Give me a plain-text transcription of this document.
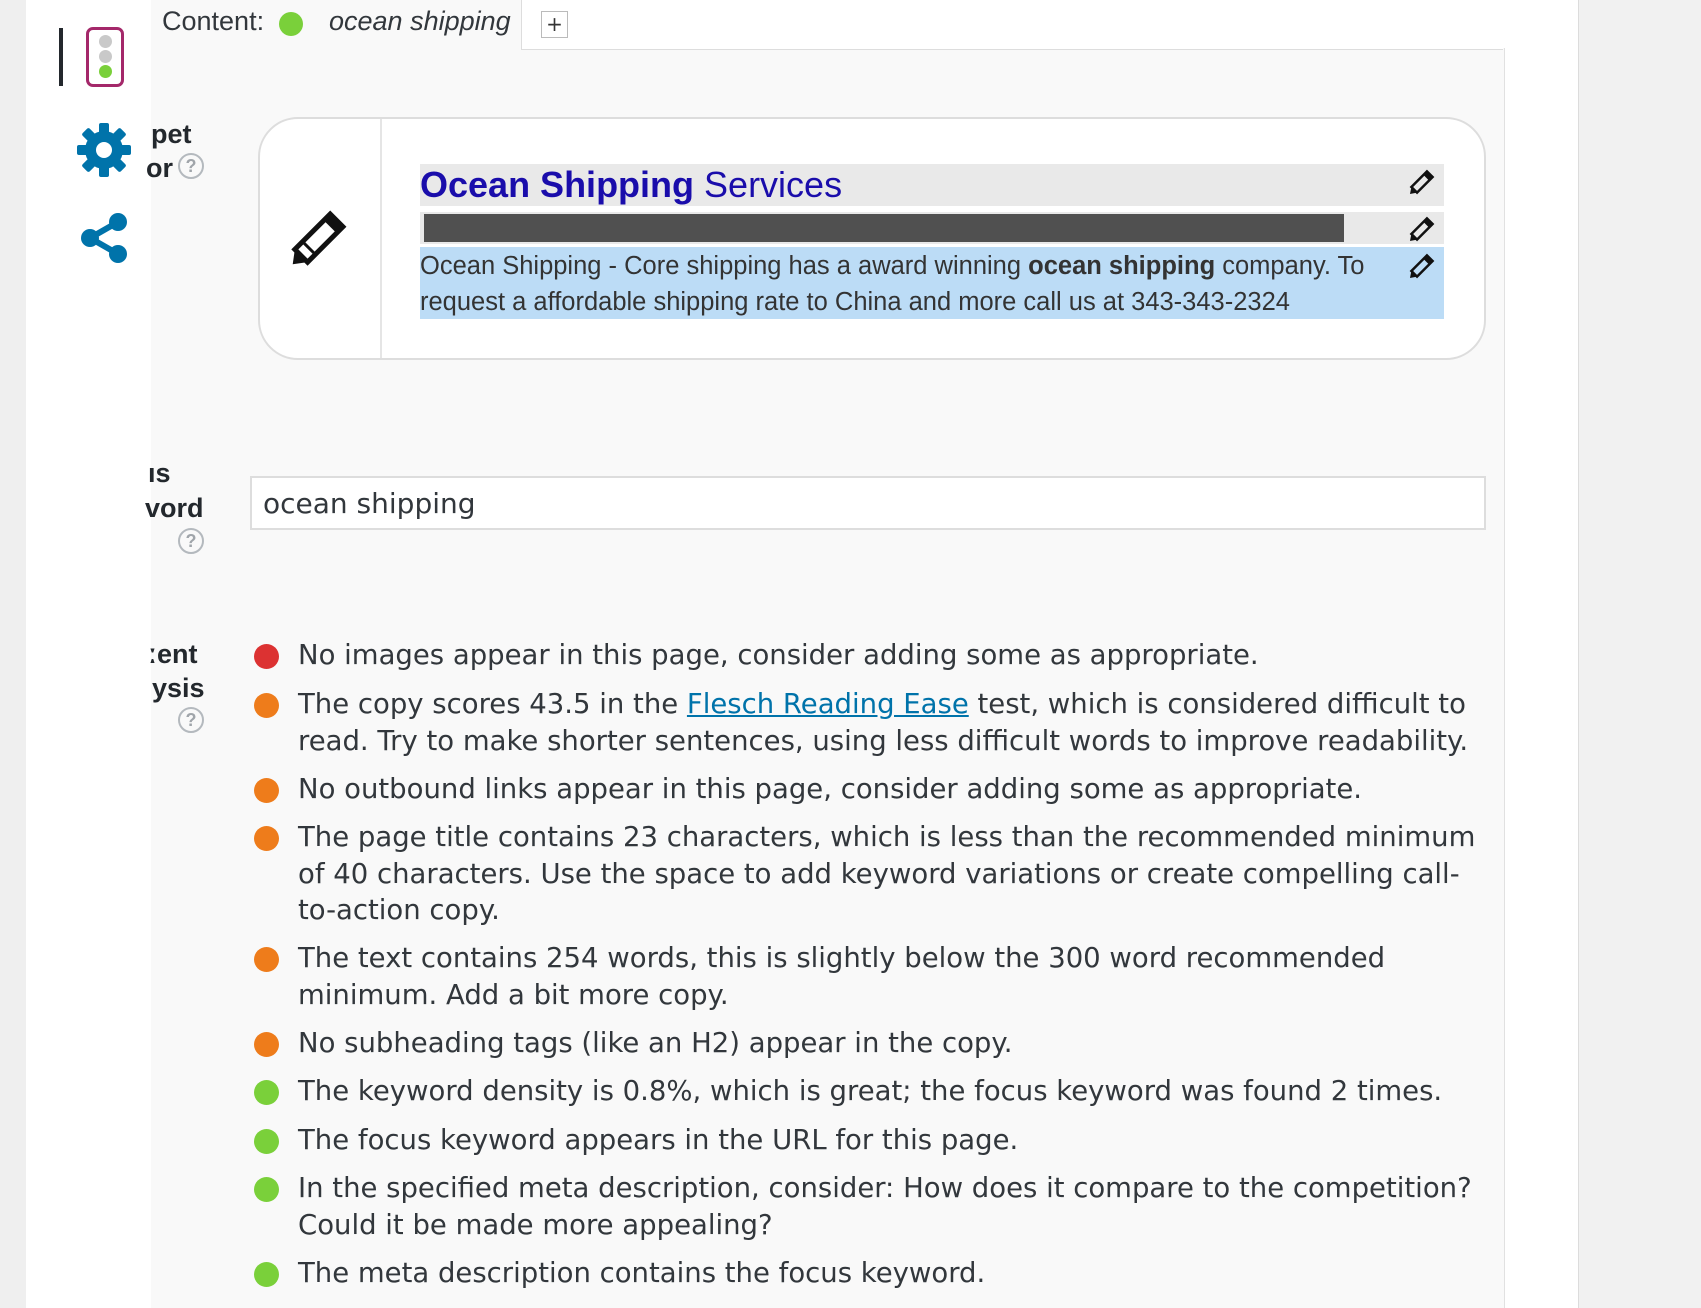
pet
or ?
ıs
vord
?
ːent
ysis
?
Content: ocean shipping +
Ocean Shipping Services
Ocean Shipping - Core shipping has a award winning ocean shipping company. To request a affordable shipping rate to China and more call us at 343-343-2324
ocean shipping
No images appear in this page, consider adding some as appropriate.
The copy scores 43.5 in the Flesch Reading Ease test, which is considered difficult to read. Try to make shorter sentences, using less difficult words to improve readability.
No outbound links appear in this page, consider adding some as appropriate.
The page title contains 23 characters, which is less than the recommended minimum of 40 characters. Use the space to add keyword variations or create compelling call-to-action copy.
The text contains 254 words, this is slightly below the 300 word recommended minimum. Add a bit more copy.
No subheading tags (like an H2) appear in the copy.
The keyword density is 0.8%, which is great; the focus keyword was found 2 times.
The focus keyword appears in the URL for this page.
In the specified meta description, consider: How does it compare to the competition? Could it be made more appealing?
The meta description contains the focus keyword.
